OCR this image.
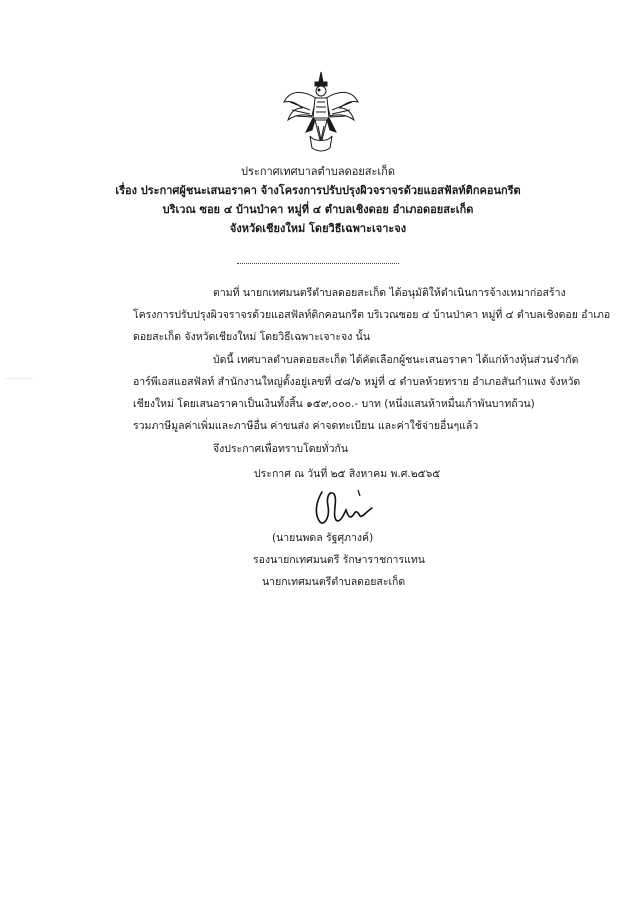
ประกาศเทศบาลตำบลดอยสะเก็ด
เรื่อง ประกาศผู้ชนะเสนอราคา จ้างโครงการปรับปรุงผิวจราจรด้วยแอสฟัลท์ติกคอนกรีต
บริเวณ ซอย ๔ บ้านป่าคา หมู่ที่ ๔ ตำบลเชิงดอย อำเภอดอยสะเก็ด
จังหวัดเชียงใหม่ โดยวิธีเฉพาะเจาะจง
ตามที่ นายกเทศมนตรีตำบลดอยสะเก็ด ได้อนุมัติให้ดำเนินการจ้างเหมาก่อสร้าง
โครงการปรับปรุงผิวจราจรด้วยแอสฟัลท์ติกคอนกรีต บริเวณซอย ๔ บ้านป่าคา หมู่ที่ ๔ ตำบลเชิงดอย อำเภอ
ดอยสะเก็ด จังหวัดเชียงใหม่ โดยวิธีเฉพาะเจาะจง นั้น
บัดนี้ เทศบาลตำบลดอยสะเก็ด ได้คัดเลือกผู้ชนะเสนอราคา ได้แก่ห้างหุ้นส่วนจำกัด
อาร์พีเอสแอสฟัลท์ สำนักงานใหญ่ตั้งอยู่เลขที่ ๔๘/๖ หมู่ที่ ๔ ตำบลห้วยทราย อำเภอสันกำแพง จังหวัด
เชียงใหม่ โดยเสนอราคาเป็นเงินทั้งสิ้น ๑๕๙,๐๐๐.- บาท (หนึ่งแสนห้าหมื่นเก้าพันบาทถ้วน)
รวมภาษีมูลค่าเพิ่มและภาษีอื่น ค่าขนส่ง ค่าจดทะเบียน และค่าใช้จ่ายอื่นๆแล้ว
จึงประกาศเพื่อทราบโดยทั่วกัน
ประกาศ ณ วันที่ ๒๕ สิงหาคม พ.ศ.๒๕๖๕
(นายนพดล รัฐศุภางค์)
รองนายกเทศมนตรี รักษาราชการแทน
นายกเทศมนตรีตำบลดอยสะเก็ด
